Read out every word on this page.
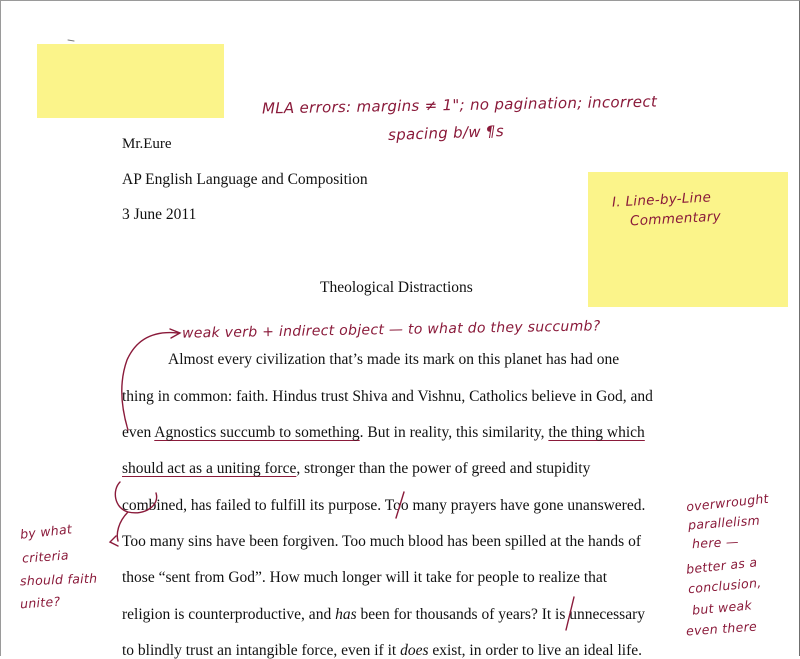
MLA errors: margins ≠ 1"; no pagination; incorrect
spacing b/w ¶s
I. Line-by-Line
Commentary
weak verb + indirect object — to what do they succumb?
by what
criteria
should faith
unite?
overwrought
parallelism
here —
better as a
conclusion,
but weak
even there
Mr.Eure
AP English Language and Composition
3 June 2011
Theological Distractions
Almost every civilization that’s made its mark on this planet has had one
thing in common: faith. Hindus trust Shiva and Vishnu, Catholics believe in God, and
even Agnostics succumb to something. But in reality, this similarity, the thing which
should act as a uniting force, stronger than the power of greed and stupidity
combined, has failed to fulfill its purpose. Too many prayers have gone unanswered.
Too many sins have been forgiven. Too much blood has been spilled at the hands of
those “sent from God”. How much longer will it take for people to realize that
religion is counterproductive, and has been for thousands of years? It is unnecessary
to blindly trust an intangible force, even if it does exist, in order to live an ideal life.
